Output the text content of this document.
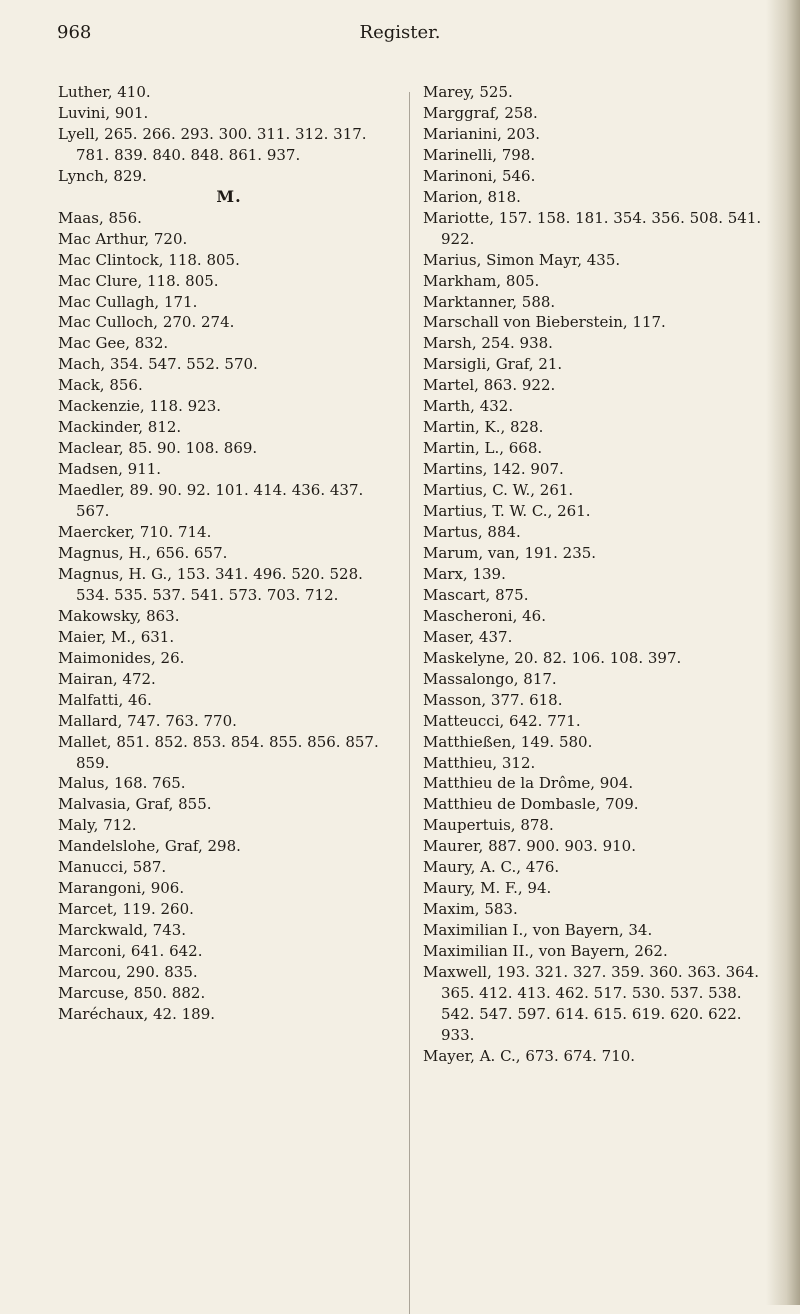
968	Register.
Luther, 410.
Luvini, 901.
Lyell, 265. 266. 293. 300. 311. 312. 317. 781. 839. 840. 848. 861. 937.
Lynch, 829.
M.
Maas, 856.
Mac Arthur, 720.
Mac Clintock, 118. 805.
Mac Clure, 118. 805.
Mac Cullagh, 171.
Mac Culloch, 270. 274.
Mac Gee, 832.
Mach, 354. 547. 552. 570.
Mack, 856.
Mackenzie, 118. 923.
Mackinder, 812.
Maclear, 85. 90. 108. 869.
Madsen, 911.
Maedler, 89. 90. 92. 101. 414. 436. 437. 567.
Maercker, 710. 714.
Magnus, H., 656. 657.
Magnus, H. G., 153. 341. 496. 520. 528. 534. 535. 537. 541. 573. 703. 712.
Makowsky, 863.
Maier, M., 631.
Maimonides, 26.
Mairan, 472.
Malfatti, 46.
Mallard, 747. 763. 770.
Mallet, 851. 852. 853. 854. 855. 856. 857. 859.
Malus, 168. 765.
Malvasia, Graf, 855.
Maly, 712.
Mandelslohe, Graf, 298.
Manucci, 587.
Marangoni, 906.
Marcet, 119. 260.
Marckwald, 743.
Marconi, 641. 642.
Marcou, 290. 835.
Marcuse, 850. 882.
Maréchaux, 42. 189.
Marey, 525.
Marggraf, 258.
Marianini, 203.
Marinelli, 798.
Marinoni, 546.
Marion, 818.
Mariotte, 157. 158. 181. 354. 356. 508. 541. 922.
Marius, Simon Mayr, 435.
Markham, 805.
Marktanner, 588.
Marschall von Bieberstein, 117.
Marsh, 254. 938.
Marsigli, Graf, 21.
Martel, 863. 922.
Marth, 432.
Martin, K., 828.
Martin, L., 668.
Martins, 142. 907.
Martius, C. W., 261.
Martius, T. W. C., 261.
Martus, 884.
Marum, van, 191. 235.
Marx, 139.
Mascart, 875.
Mascheroni, 46.
Maser, 437.
Maskelyne, 20. 82. 106. 108. 397.
Massalongo, 817.
Masson, 377. 618.
Matteucci, 642. 771.
Matthießen, 149. 580.
Matthieu, 312.
Matthieu de la Drôme, 904.
Matthieu de Dombasle, 709.
Maupertuis, 878.
Maurer, 887. 900. 903. 910.
Maury, A. C., 476.
Maury, M. F., 94.
Maxim, 583.
Maximilian I., von Bayern, 34.
Maximilian II., von Bayern, 262.
Maxwell, 193. 321. 327. 359. 360. 363. 364. 365. 412. 413. 462. 517. 530. 537. 538. 542. 547. 597. 614. 615. 619. 620. 622. 933.
Mayer, A. C., 673. 674. 710.
